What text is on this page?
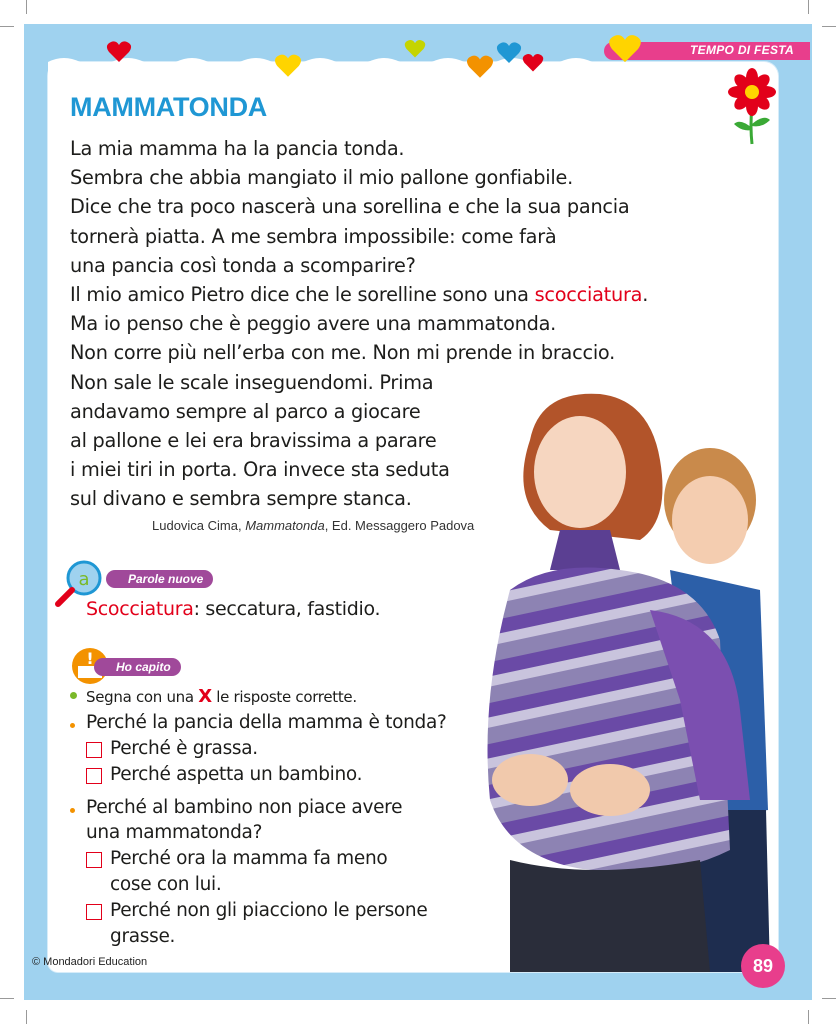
TEMPO DI FESTA
MAMMATONDA
La mia mamma ha la pancia tonda.
Sembra che abbia mangiato il mio pallone gonfiabile.
Dice che tra poco nascerà una sorellina e che la sua pancia
tornerà piatta. A me sembra impossibile: come farà
una pancia così tonda a scomparire?
Il mio amico Pietro dice che le sorelline sono una scocciatura.
Ma io penso che è peggio avere una mammatonda.
Non corre più nell’erba con me. Non mi prende in braccio.
Non sale le scale inseguendomi. Prima
andavamo sempre al parco a giocare
al pallone e lei era bravissima a parare
i miei tiri in porta. Ora invece sta seduta
sul divano e sembra sempre stanca.
Ludovica Cima, Mammatonda, Ed. Messaggero Padova
a	Parole nuove
Scocciatura: seccatura, fastidio.
!	Ho capito
Segna con una X le risposte corrette.
Perché la pancia della mamma è tonda?
Perché è grassa.
Perché aspetta un bambino.
Perché al bambino non piace avere
una mammatonda?
Perché ora la mamma fa meno
cose con lui.
Perché non gli piacciono le persone
grasse.
© Mondadori Education	89
